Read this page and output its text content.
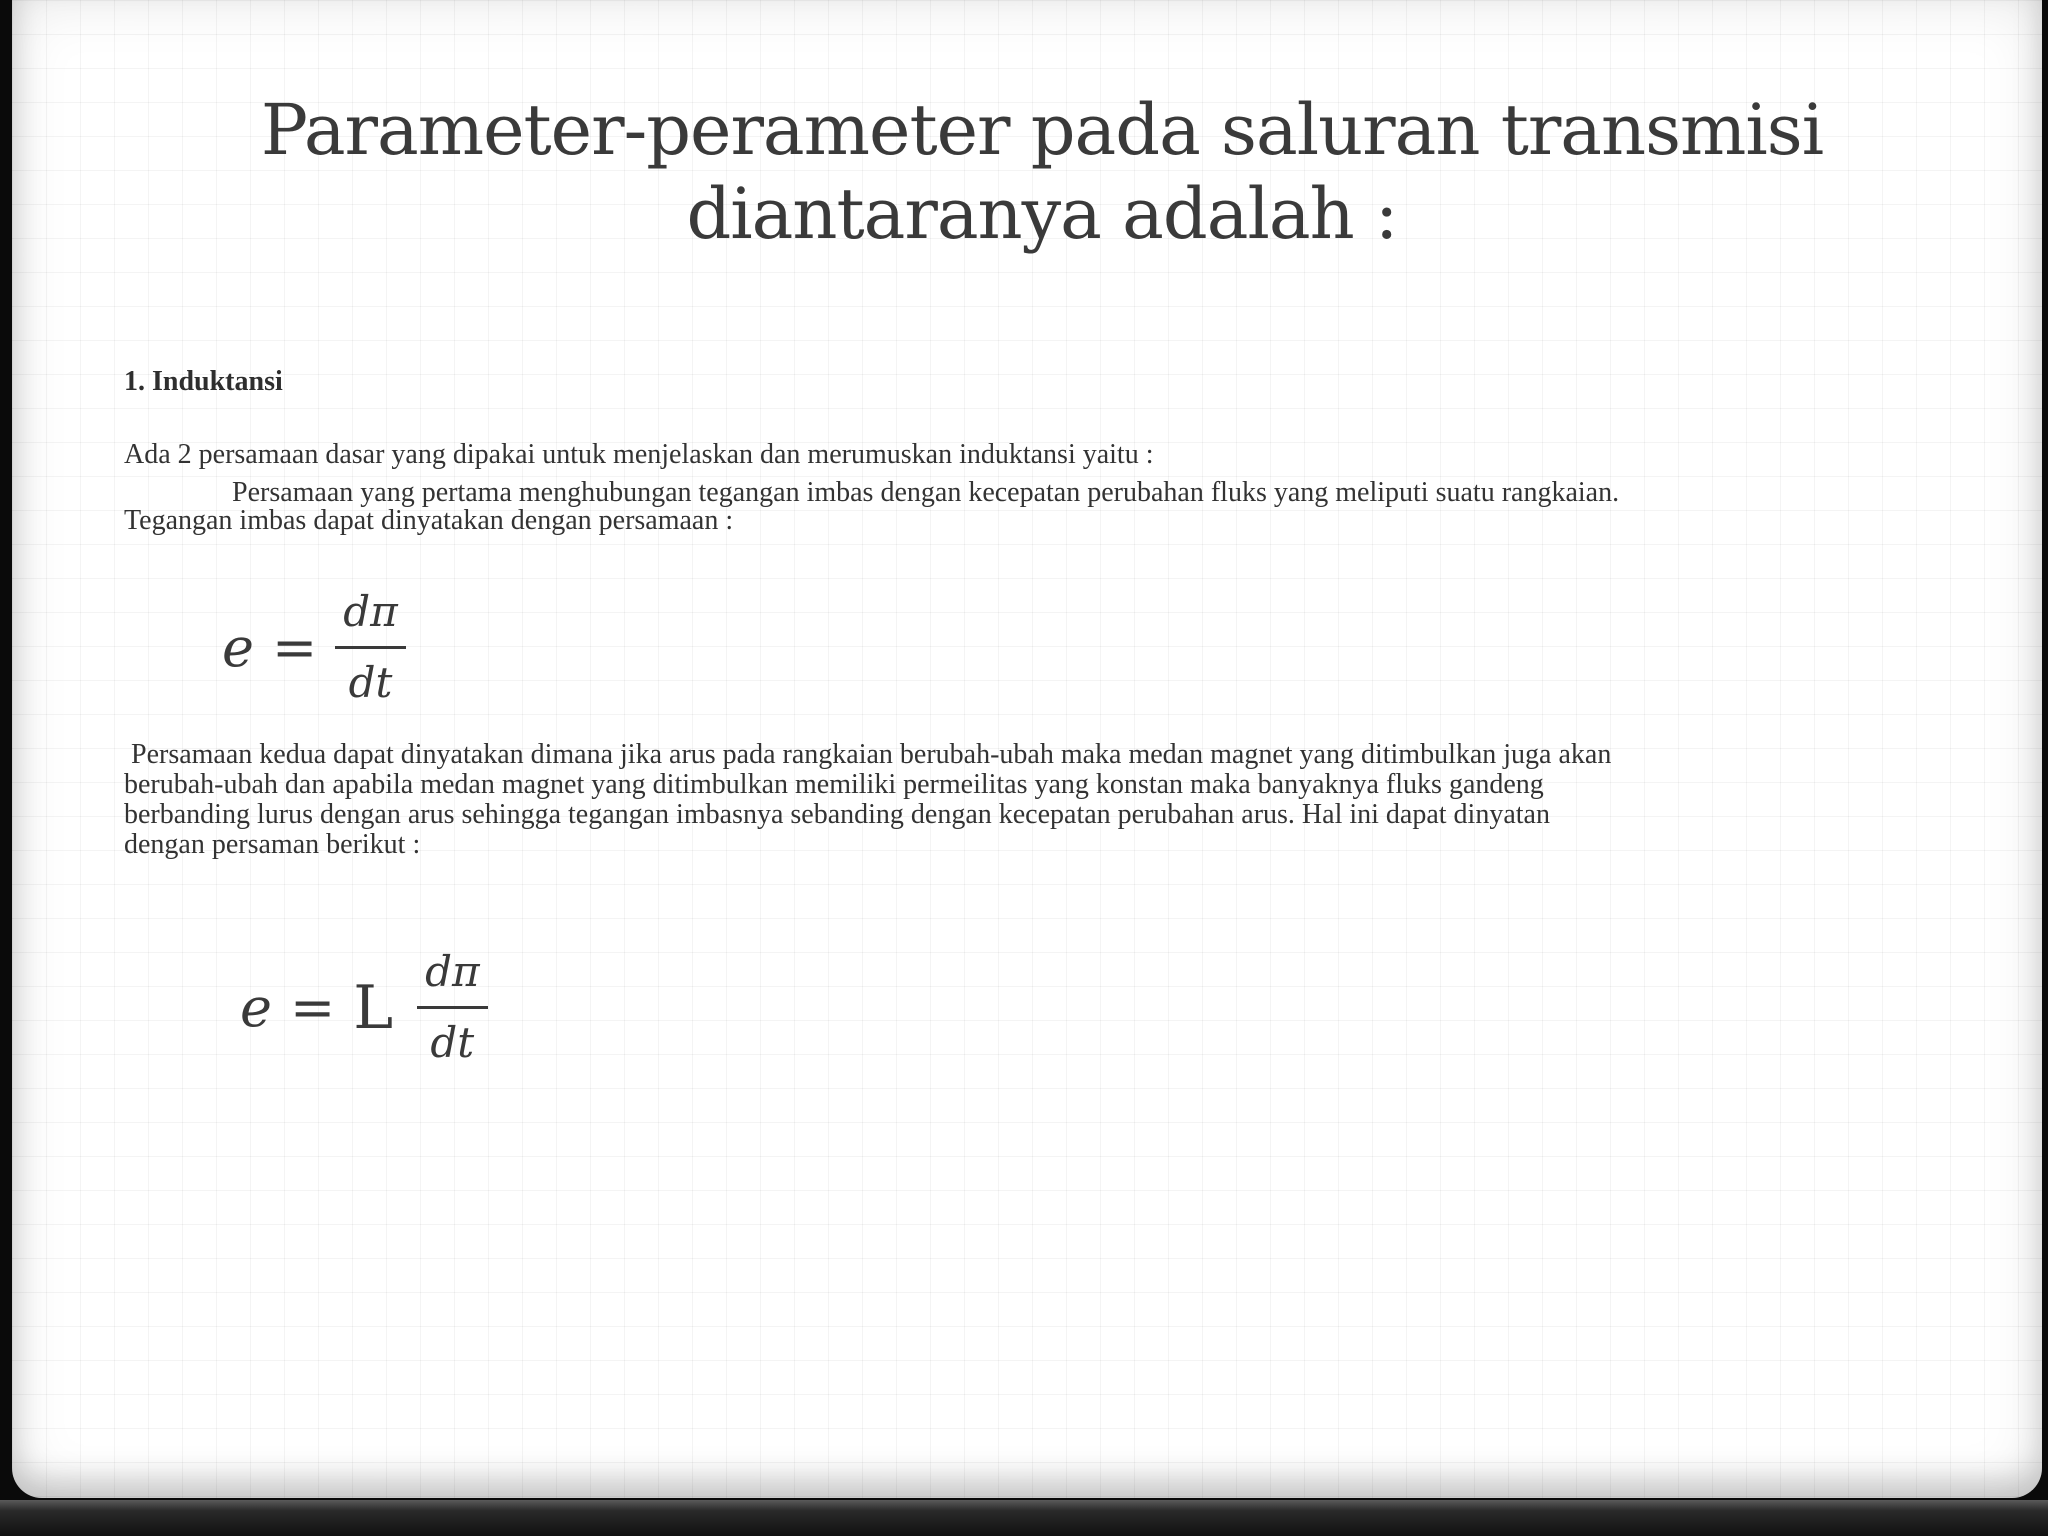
Parameter-perameter pada saluran transmisi
diantaranya adalah :
1. Induktansi
Ada 2 persamaan dasar yang dipakai untuk menjelaskan dan merumuskan induktansi yaitu :
Persamaan yang pertama menghubungan tegangan imbas dengan kecepatan perubahan fluks yang meliputi suatu rangkaian.
Tegangan imbas dapat dinyatakan dengan persamaan :
$e = \frac{d\pi}{dt}$
Persamaan kedua dapat dinyatakan dimana jika arus pada rangkaian berubah-ubah maka medan magnet yang ditimbulkan juga akan
berubah-ubah dan apabila medan magnet yang ditimbulkan memiliki permeilitas yang konstan maka banyaknya fluks gandeng
berbanding lurus dengan arus sehingga tegangan imbasnya sebanding dengan kecepatan perubahan arus. Hal ini dapat dinyatan
dengan persaman berikut :
e = L $\frac{d\pi}{dt}$
